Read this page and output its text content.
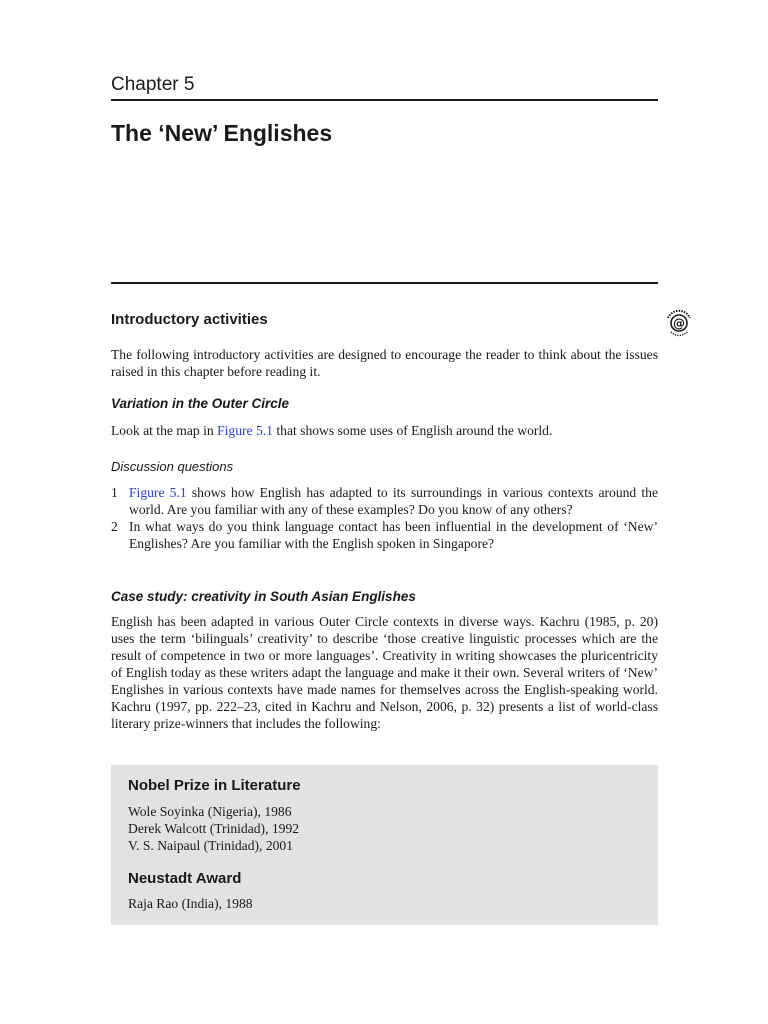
Chapter 5
The ‘New’ Englishes
Introductory activities	@

The following introductory activities are designed to encourage the reader to think about the issues raised in this chapter before reading it.

Variation in the Outer Circle

Look at the map in Figure 5.1 that shows some uses of English around the world.

Discussion questions
1 Figure 5.1 shows how English has adapted to its surroundings in various contexts around the world. Are you familiar with any of these examples? Do you know of any others?
2 In what ways do you think language contact has been influential in the development of ‘New’ Englishes? Are you familiar with the English spoken in Singapore?
Case study: creativity in South Asian Englishes

English has been adapted in various Outer Circle contexts in diverse ways. Kachru (1985, p. 20) uses the term ‘bilinguals’ creativity’ to describe ‘those creative linguistic processes which are the result of competence in two or more languages’. Creativity in writing showcases the pluricentricity of English today as these writers adapt the language and make it their own. Several writers of ‘New’ Englishes in various contexts have made names for themselves across the English-speaking world. Kachru (1997, pp. 222–23, cited in Kachru and Nelson, 2006, p. 32) presents a list of world-class literary prize-winners that includes the following:

Nobel Prize in Literature
Wole Soyinka (Nigeria), 1986
Derek Walcott (Trinidad), 1992
V. S. Naipaul (Trinidad), 2001
Neustadt Award
Raja Rao (India), 1988
